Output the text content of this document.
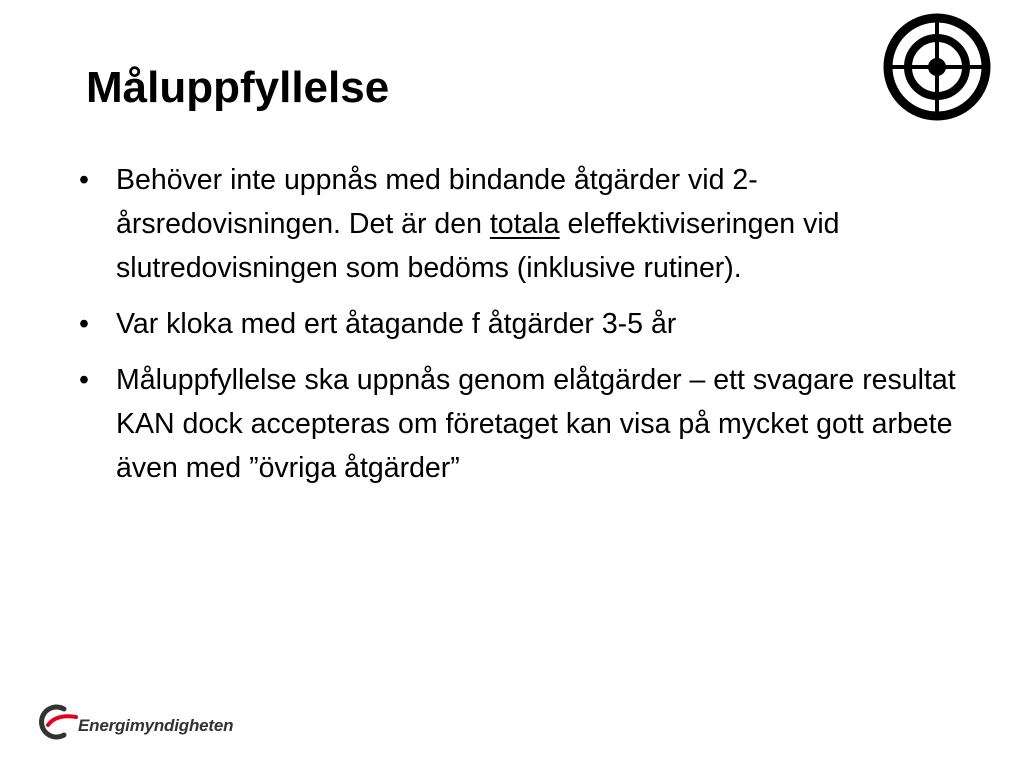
Måluppfyllelse
• Behöver inte uppnås med bindande åtgärder vid 2-årsredovisningen. Det är den totala eleffektiviseringen vid slutredovisningen som bedöms (inklusive rutiner).
• Var kloka med ert åtagande f åtgärder 3-5 år
• Måluppfyllelse ska uppnås genom elåtgärder – ett svagare resultat KAN dock accepteras om företaget kan visa på mycket gott arbete även med ”övriga åtgärder”
Energimyndigheten
